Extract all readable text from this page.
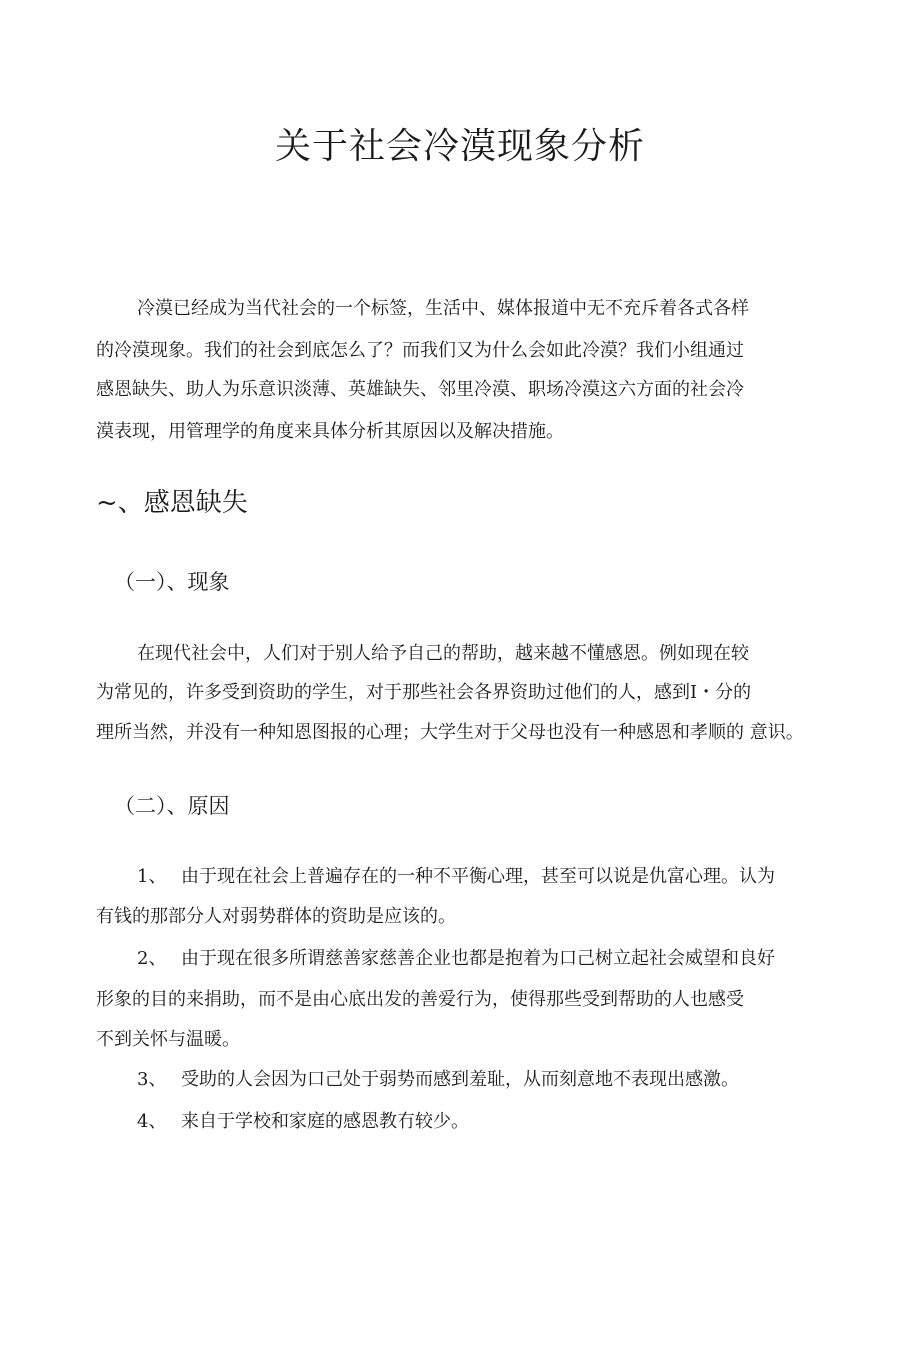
关于社会冷漠现象分析
冷漠已经成为当代社会的一个标签，生活中、媒体报道中无不充斥着各式各样
的冷漠现象。我们的社会到底怎么了？而我们又为什么会如此冷漠？我们小组通过
感恩缺失、助人为乐意识淡薄、英雄缺失、邻里冷漠、职场冷漠这六方面的社会冷
漠表现，用管理学的角度来具体分析其原因以及解决措施。
~、感恩缺失
（一）、现象
在现代社会中，人们对于别人给予自己的帮助，越来越不懂感恩。例如现在较
为常见的，许多受到资助的学生，对于那些社会各界资助过他们的人，感到I・分的
理所当然，并没有一种知恩图报的心理；大学生对于父母也没有一种感恩和孝顺的 意识。
（二）、原因
1、 由于现在社会上普遍存在的一种不平衡心理，甚至可以说是仇富心理。认为
有钱的那部分人对弱势群体的资助是应该的。
2、 由于现在很多所谓慈善家慈善企业也都是抱着为口己树立起社会威望和良好
形象的目的来捐助，而不是由心底出发的善爱行为，使得那些受到帮助的人也感受
不到关怀与温暖。
3、 受助的人会因为口己处于弱势而感到羞耻，从而刻意地不表现出感激。
4、 来自于学校和家庭的感恩教冇较少。
